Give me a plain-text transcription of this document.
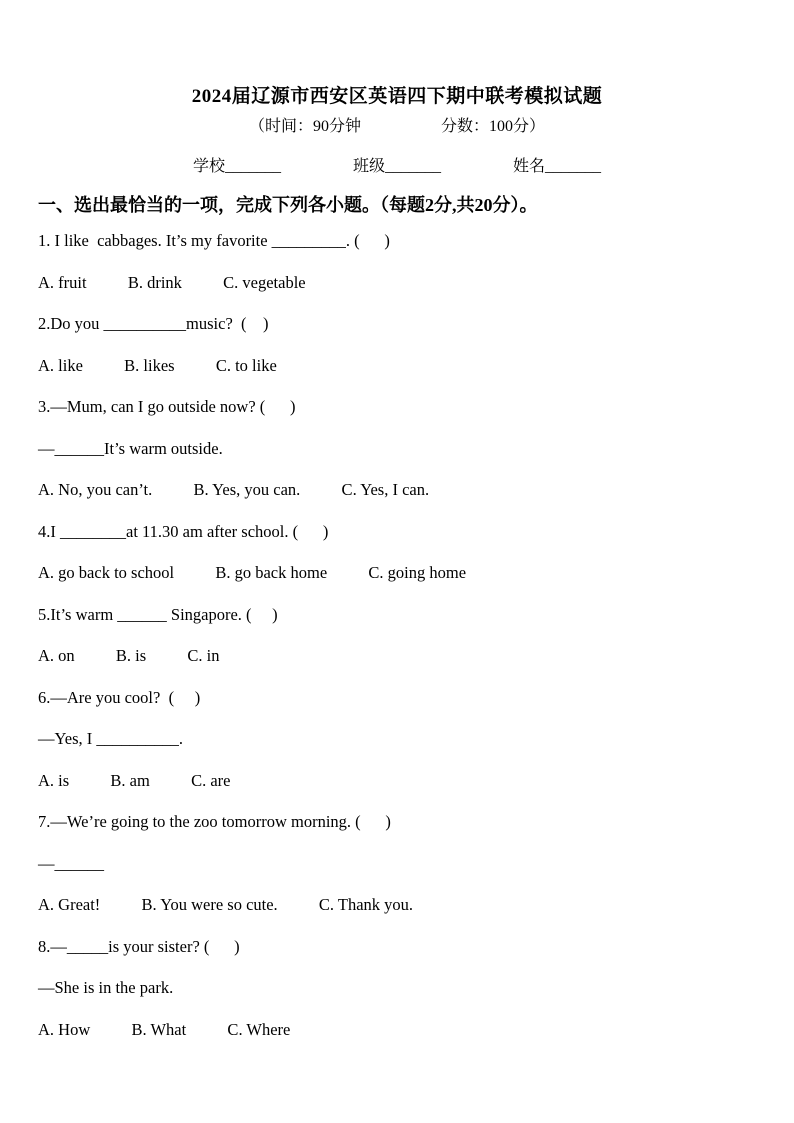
2024届辽源市西安区英语四下期中联考模拟试题

（时间：90分钟　　　　　分数：100分）

学校_______	班级_______	姓名_______

一、选出最恰当的一项，完成下列各小题。（每题2分,共20分）。

1. I like  cabbages. It’s my favorite _________. (      )

A. fruit          B. drink          C. vegetable

2.Do you __________music?  (    )

A. like          B. likes          C. to like

3.—Mum, can I go outside now? (      )

—______It’s warm outside.

A. No, you can’t.          B. Yes, you can.          C. Yes, I can.

4.I ________at 11.30 am after school. (      )

A. go back to school          B. go back home          C. going home

5.It’s warm ______ Singapore. (     )

A. on          B. is          C. in

6.—Are you cool?  (     )

—Yes, I __________.

A. is          B. am          C. are

7.—We’re going to the zoo tomorrow morning. (      )

—______

A. Great!          B. You were so cute.          C. Thank you.

8.—_____is your sister? (      )

—She is in the park.

A. How          B. What          C. Where
